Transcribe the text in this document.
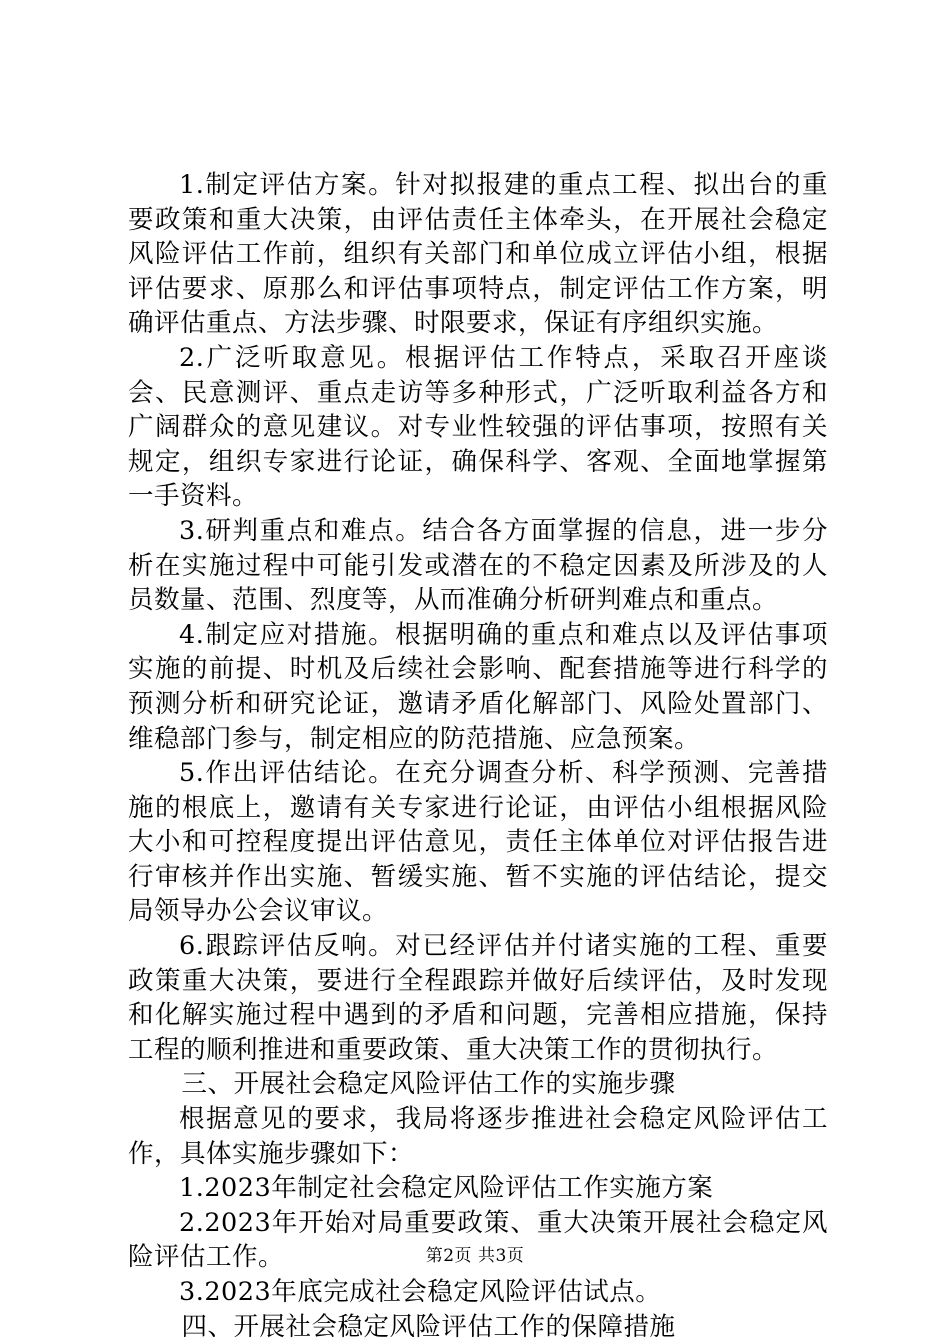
1.制定评估方案。针对拟报建的重点工程、拟出台的重要政策和重大决策，由评估责任主体牵头，在开展社会稳定风险评估工作前，组织有关部门和单位成立评估小组，根据评估要求、原那么和评估事项特点，制定评估工作方案，明确评估重点、方法步骤、时限要求，保证有序组织实施。

2.广泛听取意见。根据评估工作特点，采取召开座谈会、民意测评、重点走访等多种形式，广泛听取利益各方和广阔群众的意见建议。对专业性较强的评估事项，按照有关规定，组织专家进行论证，确保科学、客观、全面地掌握第一手资料。

3.研判重点和难点。结合各方面掌握的信息，进一步分析在实施过程中可能引发或潜在的不稳定因素及所涉及的人员数量、范围、烈度等，从而准确分析研判难点和重点。

4.制定应对措施。根据明确的重点和难点以及评估事项实施的前提、时机及后续社会影响、配套措施等进行科学的预测分析和研究论证，邀请矛盾化解部门、风险处置部门、维稳部门参与，制定相应的防范措施、应急预案。

5.作出评估结论。在充分调查分析、科学预测、完善措施的根底上，邀请有关专家进行论证，由评估小组根据风险大小和可控程度提出评估意见，责任主体单位对评估报告进行审核并作出实施、暂缓实施、暂不实施的评估结论，提交局领导办公会议审议。

6.跟踪评估反响。对已经评估并付诸实施的工程、重要政策重大决策，要进行全程跟踪并做好后续评估，及时发现和化解实施过程中遇到的矛盾和问题，完善相应措施，保持工程的顺利推进和重要政策、重大决策工作的贯彻执行。

三、开展社会稳定风险评估工作的实施步骤

根据意见的要求，我局将逐步推进社会稳定风险评估工作，具体实施步骤如下：

1.2023年制定社会稳定风险评估工作实施方案

2.2023年开始对局重要政策、重大决策开展社会稳定风险评估工作。

3.2023年底完成社会稳定风险评估试点。

四、开展社会稳定风险评估工作的保障措施

第2页 共3页
